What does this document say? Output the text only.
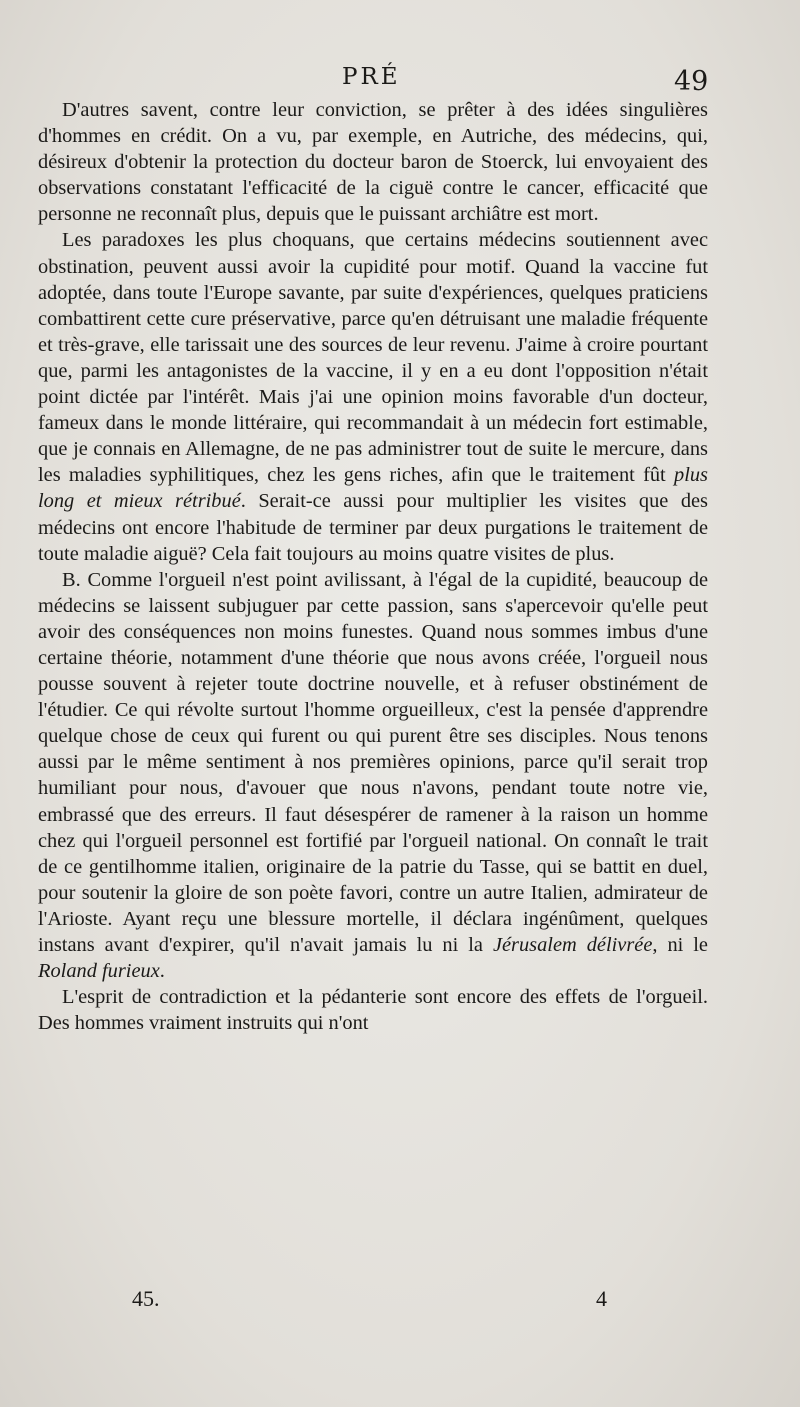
PRÉ	49

D'autres savent, contre leur conviction, se prêter à des idées singulières d'hommes en crédit. On a vu, par exemple, en Autriche, des médecins, qui, désireux d'obtenir la protection du docteur baron de Stoerck, lui envoyaient des observations constatant l'efficacité de la ciguë contre le cancer, efficacité que personne ne reconnaît plus, depuis que le puissant archiâtre est mort.

Les paradoxes les plus choquans, que certains médecins soutiennent avec obstination, peuvent aussi avoir la cupidité pour motif. Quand la vaccine fut adoptée, dans toute l'Europe savante, par suite d'expériences, quelques praticiens combattirent cette cure préservative, parce qu'en détruisant une maladie fréquente et très-grave, elle tarissait une des sources de leur revenu. J'aime à croire pourtant que, parmi les antagonistes de la vaccine, il y en a eu dont l'opposition n'était point dictée par l'intérêt. Mais j'ai une opinion moins favorable d'un docteur, fameux dans le monde littéraire, qui recommandait à un médecin fort estimable, que je connais en Allemagne, de ne pas administrer tout de suite le mercure, dans les maladies syphilitiques, chez les gens riches, afin que le traitement fût plus long et mieux rétribué. Serait-ce aussi pour multiplier les visites que des médecins ont encore l'habitude de terminer par deux purgations le traitement de toute maladie aiguë? Cela fait toujours au moins quatre visites de plus.

B. Comme l'orgueil n'est point avilissant, à l'égal de la cupidité, beaucoup de médecins se laissent subjuguer par cette passion, sans s'apercevoir qu'elle peut avoir des conséquences non moins funestes. Quand nous sommes imbus d'une certaine théorie, notamment d'une théorie que nous avons créée, l'orgueil nous pousse souvent à rejeter toute doctrine nouvelle, et à refuser obstinément de l'étudier. Ce qui révolte surtout l'homme orgueilleux, c'est la pensée d'apprendre quelque chose de ceux qui furent ou qui purent être ses disciples. Nous tenons aussi par le même sentiment à nos premières opinions, parce qu'il serait trop humiliant pour nous, d'avouer que nous n'avons, pendant toute notre vie, embrassé que des erreurs. Il faut désespérer de ramener à la raison un homme chez qui l'orgueil personnel est fortifié par l'orgueil national. On connaît le trait de ce gentilhomme italien, originaire de la patrie du Tasse, qui se battit en duel, pour soutenir la gloire de son poète favori, contre un autre Italien, admirateur de l'Arioste. Ayant reçu une blessure mortelle, il déclara ingénûment, quelques instans avant d'expirer, qu'il n'avait jamais lu ni la Jérusalem délivrée, ni le Roland furieux.

L'esprit de contradiction et la pédanterie sont encore des effets de l'orgueil. Des hommes vraiment instruits qui n'ont

45.	4
